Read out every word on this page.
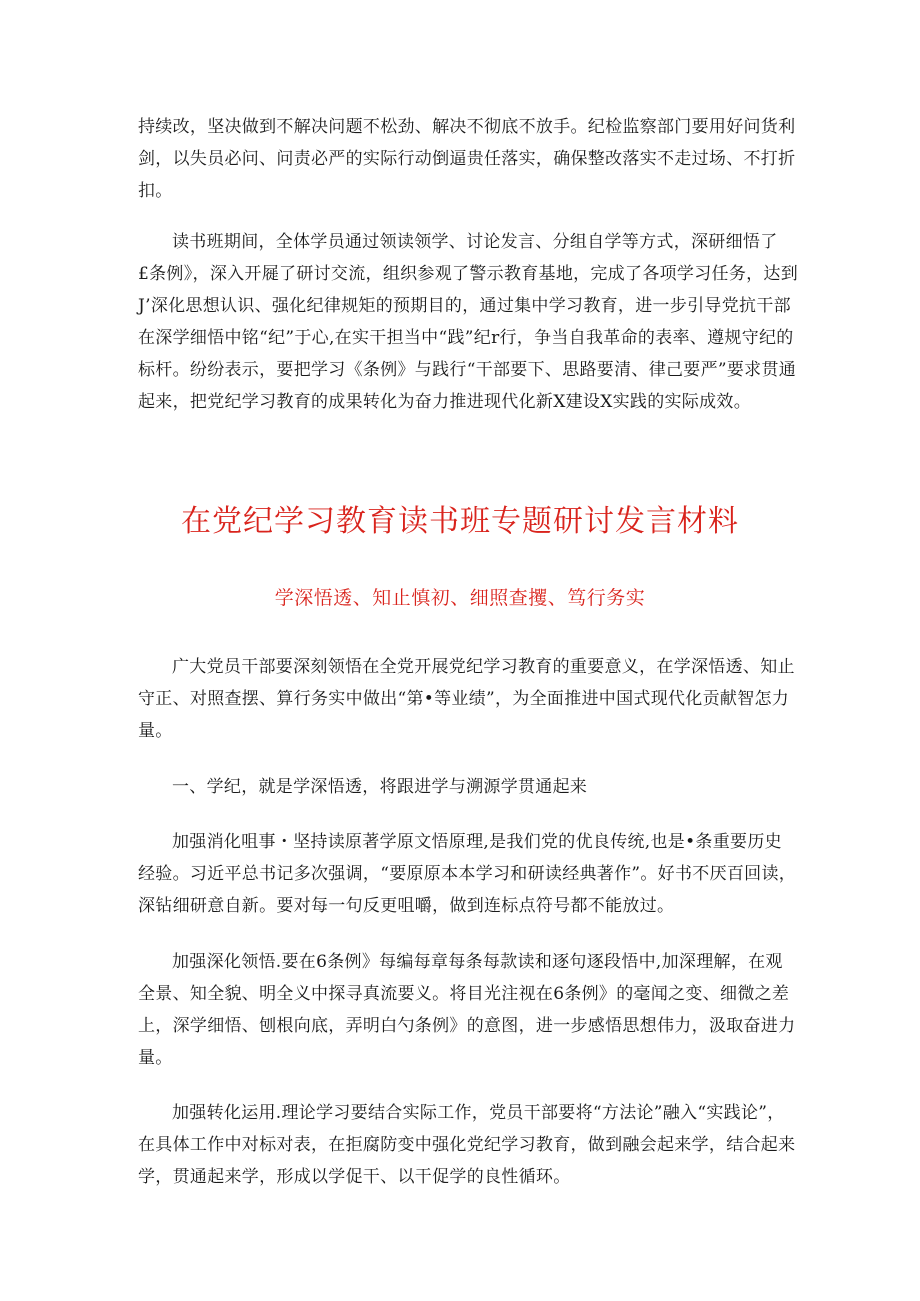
持续改，坚决做到不解决问题不松劲、解决不彻底不放手。纪检监察部门要用好问货利剑，以失员必问、问责必严的实际行动倒逼贵任落实，确保整改落实不走过场、不打折扣。

读书班期间，全体学员通过领读领学、讨论发言、分组自学等方式，深研细悟了£条例》，深入开屣了研讨交流，组织参观了警示教育基地，完成了各项学习任务，达到J’深化思想认识、强化纪律规矩的预期目的，通过集中学习教育，进一步引导党抗干部在深学细悟中铭“纪”于心,在实干担当中“践”纪r行，争当自我革命的表率、遵规守纪的标杆。纷纷表示，要把学习《条例》与践行“干部要下、思路要清、律己要严”要求贯通起来，把党纪学习教育的成果转化为奋力推进现代化新X建设X实践的实际成效。

在党纪学习教育读书班专题研讨发言材料
学深悟透、知止慎初、细照查攫、笃行务实

广大党员干部要深刻领悟在全党开展党纪学习教育的重要意义，在学深悟透、知止守正、对照查摆、算行务实中做出“第•等业绩”，为全面推进中国式现代化贡献智怎力量。

一、学纪，就是学深悟透，将跟进学与溯源学贯通起来

加强消化咀事・坚持读原著学原文悟原理,是我们党的优良传统,也是•条重要历史经验。习近平总书记多次强调，“要原原本本学习和研读经典著作”。好书不厌百回读，深钻细研意自新。要对每一句反更咀嚼，做到连标点符号都不能放过。

加强深化领悟.要在6条例》每编每章每条每款读和逐句逐段悟中,加深理解，在观全景、知全貌、明全义中探寻真流要义。将目光注视在6条例》的毫闻之变、细微之差上，深学细悟、刨根向底，弄明白勺条例》的意图，进一步感悟思想伟力，汲取奋进力量。

加强转化运用.理论学习要结合实际工作，党员干部要将“方法论”融入“实践论”，在具体工作中对标对表，在拒腐防变中强化党纪学习教育，做到融会起来学，结合起来学，贯通起来学，形成以学促干、以干促学的良性循环。
